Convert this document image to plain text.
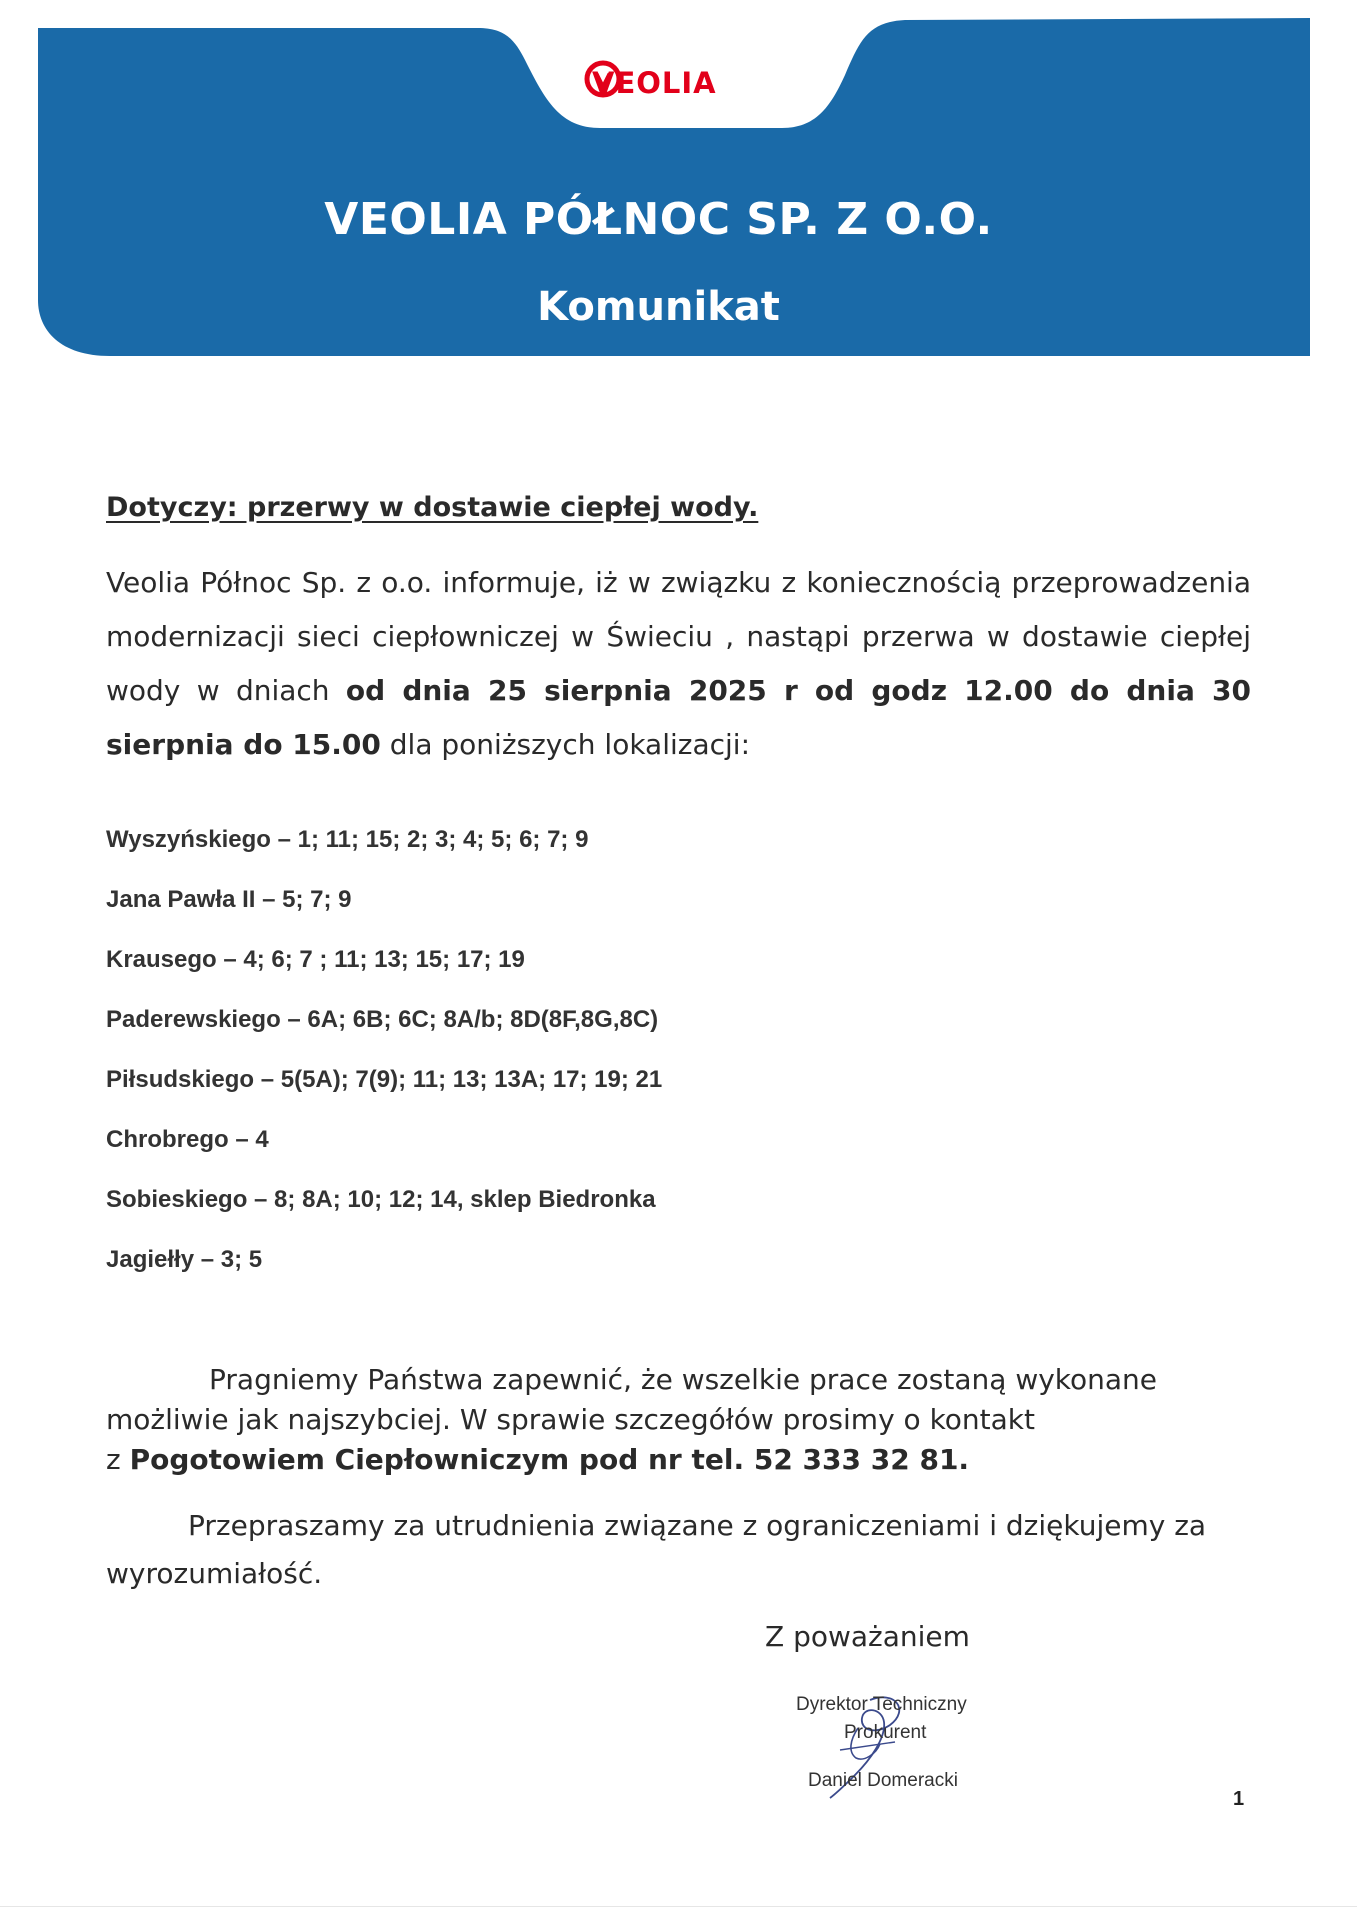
VEOLIA
VEOLIA PÓŁNOC SP. Z O.O.
Komunikat
Dotyczy: przerwy w dostawie ciepłej wody.
Veolia Północ Sp. z o.o. informuje, iż w związku z koniecznością przeprowadzenia modernizacji sieci ciepłowniczej w Świeciu , nastąpi przerwa w dostawie ciepłej wody w dniach od dnia 25 sierpnia 2025 r od godz 12.00 do dnia 30 sierpnia do 15.00 dla poniższych lokalizacji:
Wyszyńskiego – 1; 11; 15; 2; 3; 4; 5; 6; 7; 9
Jana Pawła II – 5; 7; 9
Krausego – 4; 6; 7 ; 11; 13; 15; 17; 19
Paderewskiego – 6A; 6B; 6C; 8A/b; 8D(8F,8G,8C)
Piłsudskiego – 5(5A); 7(9); 11; 13; 13A; 17; 19; 21
Chrobrego – 4
Sobieskiego – 8; 8A; 10; 12; 14, sklep Biedronka
Jagiełły – 3; 5
Pragniemy Państwa zapewnić, że wszelkie prace zostaną wykonane
możliwie jak najszybciej. W sprawie szczegółów prosimy o kontakt
z Pogotowiem Ciepłowniczym pod nr tel. 52 333 32 81.
Przepraszamy za utrudnienia związane z ograniczeniami i dziękujemy za wyrozumiałość.
Z poważaniem
Dyrektor Techniczny
Prokurent
Daniel Domeracki
1
